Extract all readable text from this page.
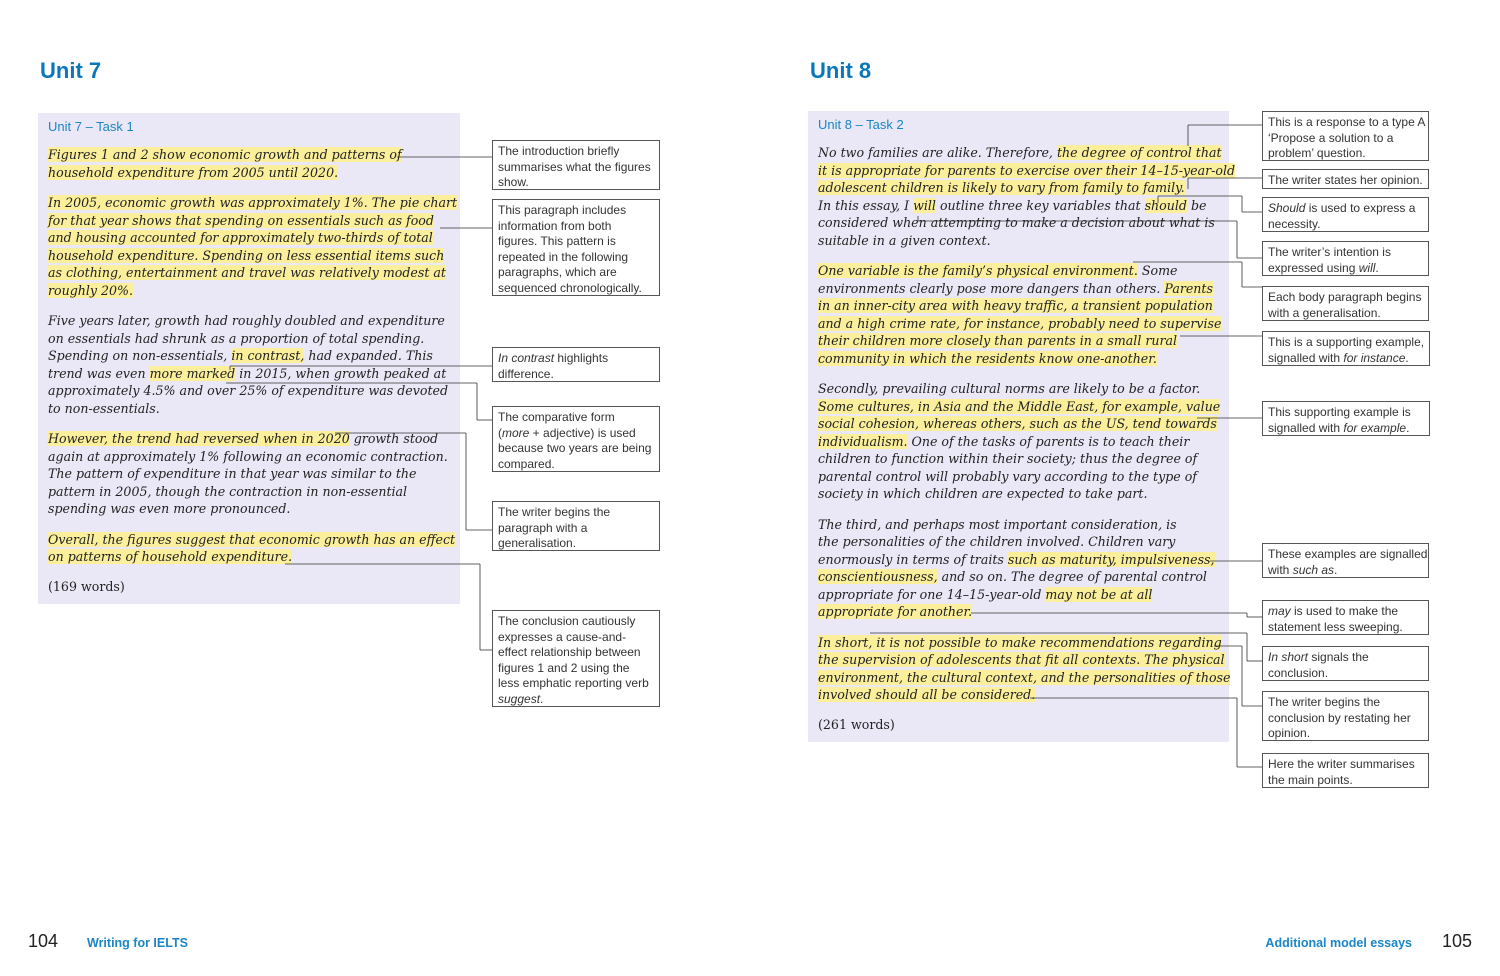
Unit 7
Unit 7 – Task 1
Figures 1 and 2 show economic growth and patterns of
household expenditure from 2005 until 2020.
In 2005, economic growth was approximately 1%. The pie chart
for that year shows that spending on essentials such as food
and housing accounted for approximately two-thirds of total
household expenditure. Spending on less essential items such
as clothing, entertainment and travel was relatively modest at
roughly 20%.
Five years later, growth had roughly doubled and expenditure
on essentials had shrunk as a proportion of total spending.
Spending on non-essentials, in contrast, had expanded. This
trend was even more marked in 2015, when growth peaked at
approximately 4.5% and over 25% of expenditure was devoted
to non-essentials.
However, the trend had reversed when in 2020 growth stood
again at approximately 1% following an economic contraction.
The pattern of expenditure in that year was similar to the
pattern in 2005, though the contraction in non-essential
spending was even more pronounced.
Overall, the figures suggest that economic growth has an effect
on patterns of household expenditure.
(169 words)
The introduction briefly
summarises what the figures
show.
This paragraph includes
information from both
figures. This pattern is
repeated in the following
paragraphs, which are
sequenced chronologically.
In contrast highlights
difference.
The comparative form
(more + adjective) is used
because two years are being
compared.
The writer begins the
paragraph with a
generalisation.
The conclusion cautiously
expresses a cause-and-
effect relationship between
figures 1 and 2 using the
less emphatic reporting verb
suggest.
Unit 8
Unit 8 – Task 2
No two families are alike. Therefore, the degree of control that
it is appropriate for parents to exercise over their 14–15-year-old
adolescent children is likely to vary from family to family.
In this essay, I will outline three key variables that should be
considered when attempting to make a decision about what is
suitable in a given context.
One variable is the family’s physical environment. Some
environments clearly pose more dangers than others. Parents
in an inner-city area with heavy traffic, a transient population
and a high crime rate, for instance, probably need to supervise
their children more closely than parents in a small rural
community in which the residents know one-another.
Secondly, prevailing cultural norms are likely to be a factor.
Some cultures, in Asia and the Middle East, for example, value
social cohesion, whereas others, such as the US, tend towards
individualism. One of the tasks of parents is to teach their
children to function within their society; thus the degree of
parental control will probably vary according to the type of
society in which children are expected to take part.
The third, and perhaps most important consideration, is
the personalities of the children involved. Children vary
enormously in terms of traits such as maturity, impulsiveness,
conscientiousness, and so on. The degree of parental control
appropriate for one 14–15-year-old may not be at all
appropriate for another.
In short, it is not possible to make recommendations regarding
the supervision of adolescents that fit all contexts. The physical
environment, the cultural context, and the personalities of those
involved should all be considered.
(261 words)
This is a response to a type A
‘Propose a solution to a
problem’ question.
The writer states her opinion.
Should is used to express a
necessity.
The writer’s intention is
expressed using will.
Each body paragraph begins
with a generalisation.
This is a supporting example,
signalled with for instance.
This supporting example is
signalled with for example.
These examples are signalled
with such as.
may is used to make the
statement less sweeping.
In short signals the
conclusion.
The writer begins the
conclusion by restating her
opinion.
Here the writer summarises
the main points.

104 Writing for IELTS	Additional model essays 105
